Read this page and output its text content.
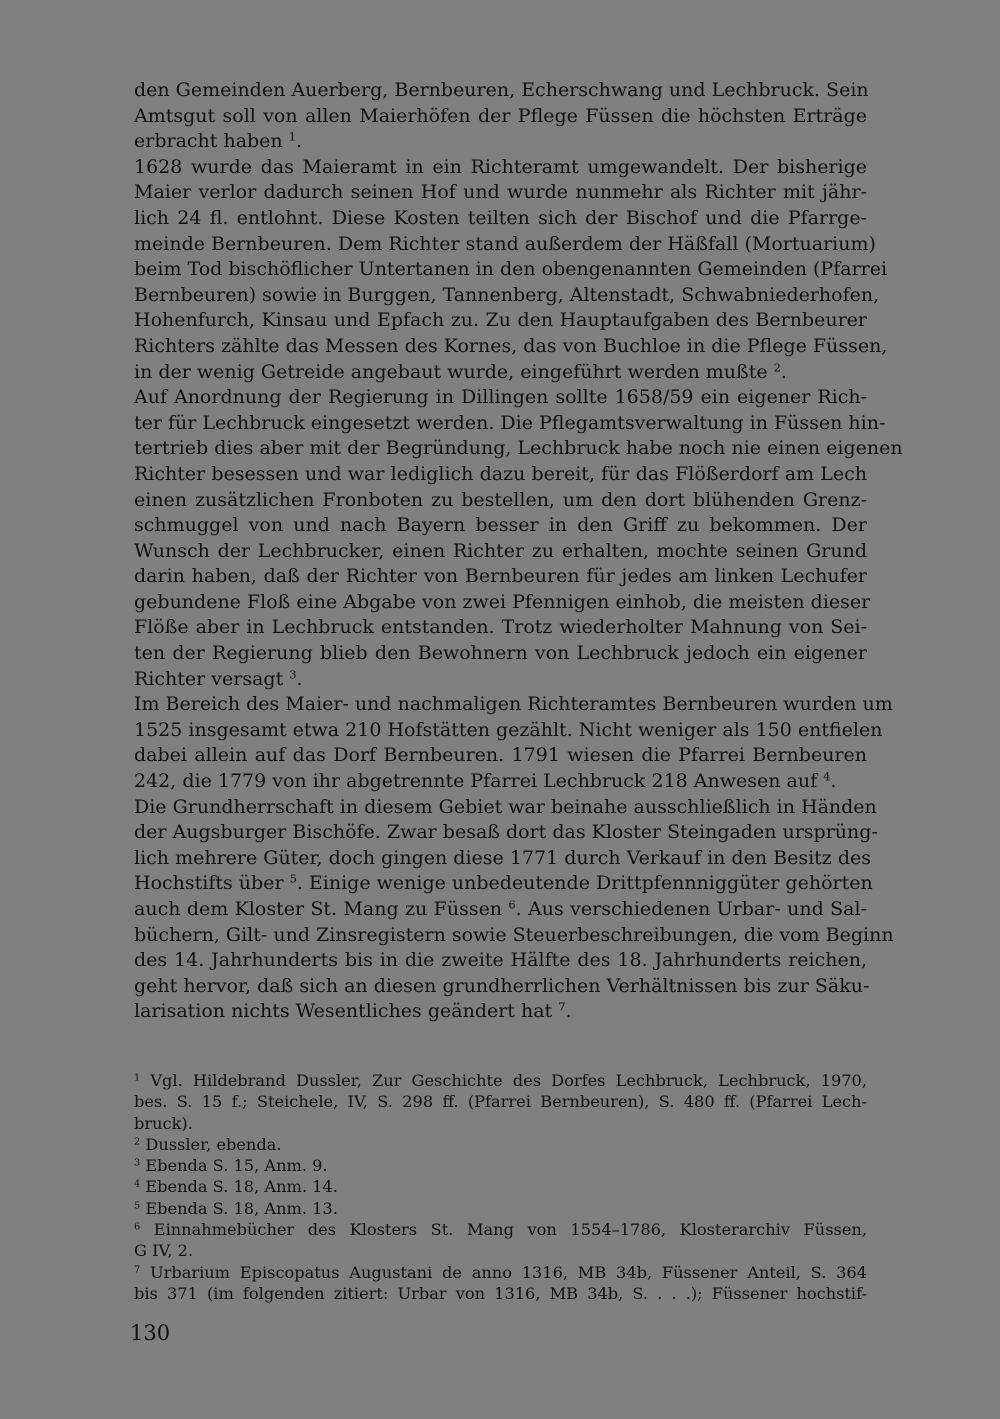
den Gemeinden Auerberg, Bernbeuren, Echerschwang und Lechbruck. Sein
Amtsgut soll von allen Maierhöfen der Pflege Füssen die höchsten Erträge
erbracht haben $^1$.

1628 wurde das Maieramt in ein Richteramt umgewandelt. Der bisherige
Maier verlor dadurch seinen Hof und wurde nunmehr als Richter mit jähr-
lich 24 fl. entlohnt. Diese Kosten teilten sich der Bischof und die Pfarrge-
meinde Bernbeuren. Dem Richter stand außerdem der Häßfall (Mortuarium)
beim Tod bischöflicher Untertanen in den obengenannten Gemeinden (Pfarrei
Bernbeuren) sowie in Burggen, Tannenberg, Altenstadt, Schwabniederhofen,
Hohenfurch, Kinsau und Epfach zu. Zu den Hauptaufgaben des Bernbeurer
Richters zählte das Messen des Kornes, das von Buchloe in die Pflege Füssen,
in der wenig Getreide angebaut wurde, eingeführt werden mußte $^2$.

Auf Anordnung der Regierung in Dillingen sollte 1658/59 ein eigener Rich-
ter für Lechbruck eingesetzt werden. Die Pflegamtsverwaltung in Füssen hin-
tertrieb dies aber mit der Begründung, Lechbruck habe noch nie einen eigenen
Richter besessen und war lediglich dazu bereit, für das Flößerdorf am Lech
einen zusätzlichen Fronboten zu bestellen, um den dort blühenden Grenz-
schmuggel von und nach Bayern besser in den Griff zu bekommen. Der
Wunsch der Lechbrucker, einen Richter zu erhalten, mochte seinen Grund
darin haben, daß der Richter von Bernbeuren für jedes am linken Lechufer
gebundene Floß eine Abgabe von zwei Pfennigen einhob, die meisten dieser
Flöße aber in Lechbruck entstanden. Trotz wiederholter Mahnung von Sei-
ten der Regierung blieb den Bewohnern von Lechbruck jedoch ein eigener
Richter versagt $^3$.

Im Bereich des Maier- und nachmaligen Richteramtes Bernbeuren wurden um
1525 insgesamt etwa 210 Hofstätten gezählt. Nicht weniger als 150 entfielen
dabei allein auf das Dorf Bernbeuren. 1791 wiesen die Pfarrei Bernbeuren
242, die 1779 von ihr abgetrennte Pfarrei Lechbruck 218 Anwesen auf $^4$.

Die Grundherrschaft in diesem Gebiet war beinahe ausschließlich in Händen
der Augsburger Bischöfe. Zwar besaß dort das Kloster Steingaden ursprüng-
lich mehrere Güter, doch gingen diese 1771 durch Verkauf in den Besitz des
Hochstifts über $^5$. Einige wenige unbedeutende Drittpfennniggüter gehörten
auch dem Kloster St. Mang zu Füssen $^6$. Aus verschiedenen Urbar- und Sal-
büchern, Gilt- und Zinsregistern sowie Steuerbeschreibungen, die vom Beginn
des 14. Jahrhunderts bis in die zweite Hälfte des 18. Jahrhunderts reichen,
geht hervor, daß sich an diesen grundherrlichen Verhältnissen bis zur Säku-
larisation nichts Wesentliches geändert hat $^7$.

$^1$ Vgl. Hildebrand Dussler, Zur Geschichte des Dorfes Lechbruck, Lechbruck, 1970,
bes. S. 15 f.; Steichele, IV, S. 298 ff. (Pfarrei Bernbeuren), S. 480 ff. (Pfarrei Lech-
bruck).
$^2$ Dussler, ebenda.
$^3$ Ebenda S. 15, Anm. 9.
$^4$ Ebenda S. 18, Anm. 14.
$^5$ Ebenda S. 18, Anm. 13.
$^6$ Einnahmebücher des Klosters St. Mang von 1554–1786, Klosterarchiv Füssen,
G IV, 2.
$^7$ Urbarium Episcopatus Augustani de anno 1316, MB 34b, Füssener Anteil, S. 364
bis 371 (im folgenden zitiert: Urbar von 1316, MB 34b, S. . . .); Füssener hochstif-
130
